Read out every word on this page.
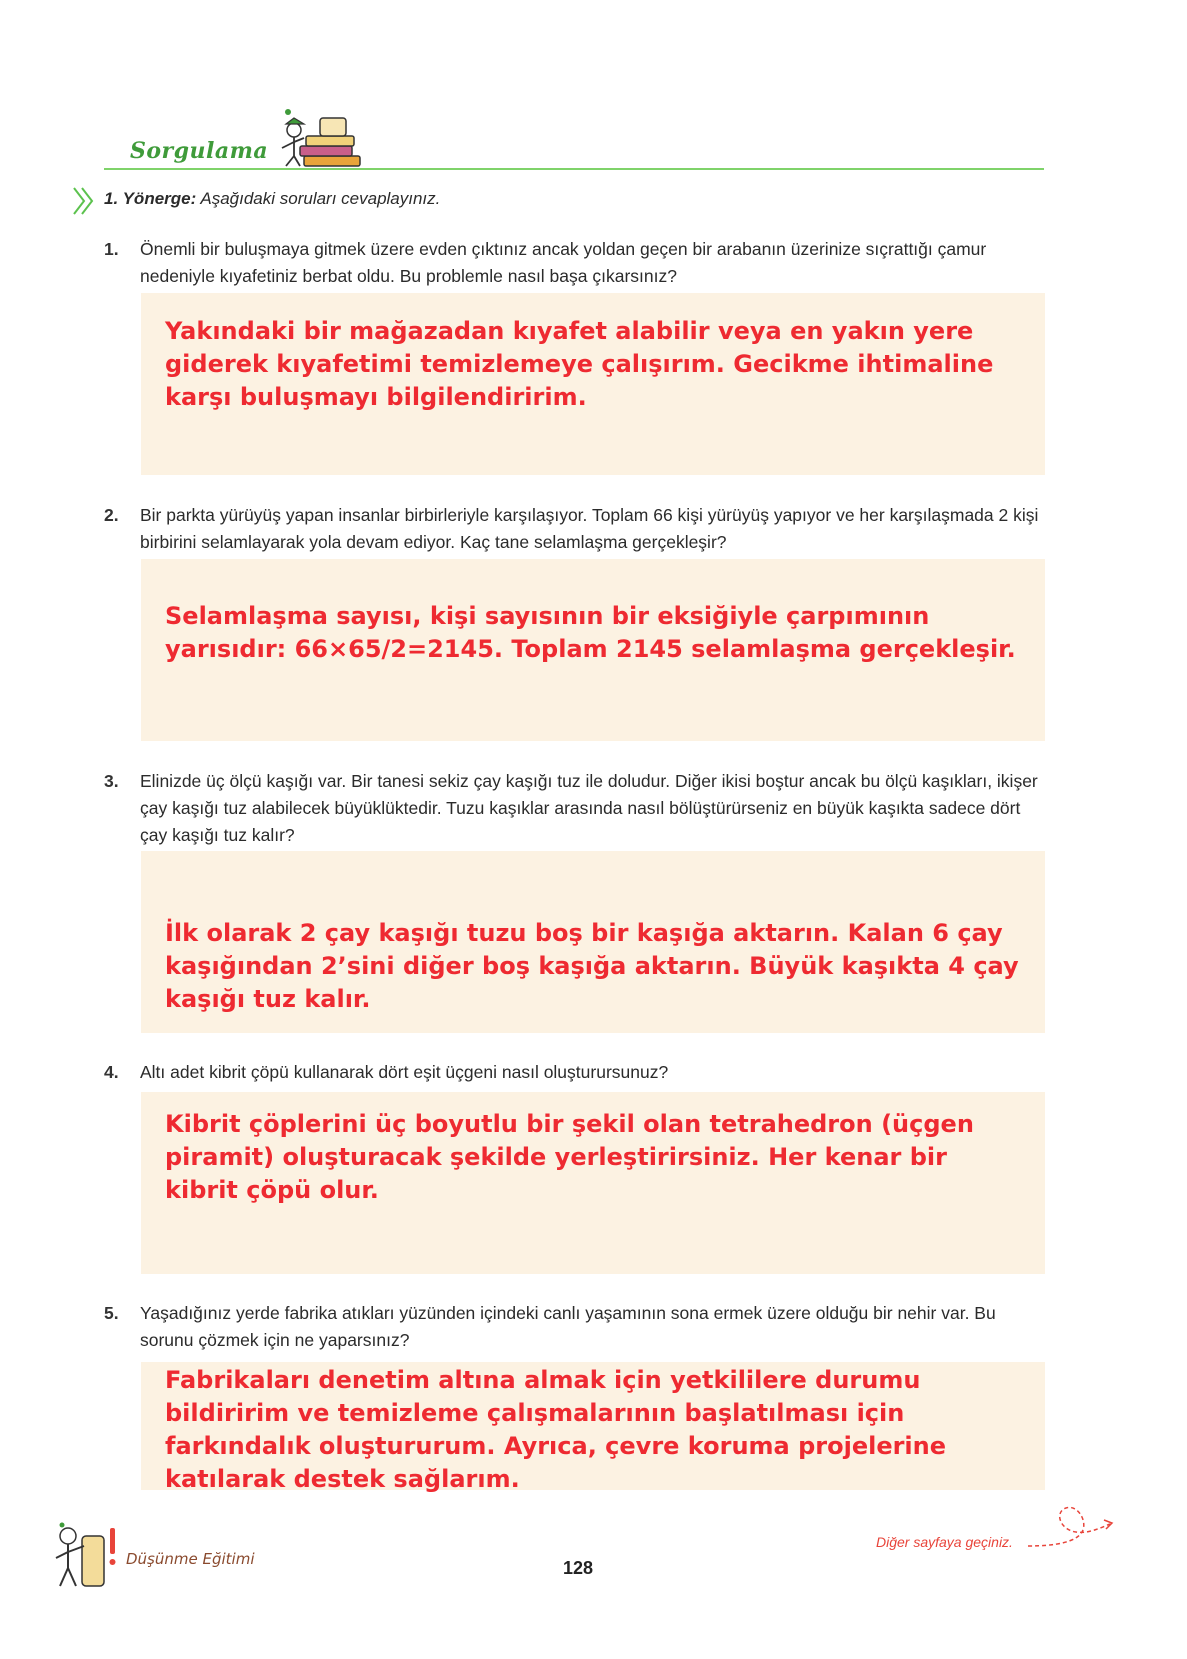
Sorgulama
1. Yönerge: Aşağıdaki soruları cevaplayınız.
1. Önemli bir buluşmaya gitmek üzere evden çıktınız ancak yoldan geçen bir arabanın üzerinize sıçrattığı çamur nedeniyle kıyafetiniz berbat oldu. Bu problemle nasıl başa çıkarsınız?
Yakındaki bir mağazadan kıyafet alabilir veya en yakın yere giderek kıyafetimi temizlemeye çalışırım. Gecikme ihtimaline karşı buluşmayı bilgilendiririm.
2. Bir parkta yürüyüş yapan insanlar birbirleriyle karşılaşıyor. Toplam 66 kişi yürüyüş yapıyor ve her karşılaşmada 2 kişi birbirini selamlayarak yola devam ediyor. Kaç tane selamlaşma gerçekleşir?
Selamlaşma sayısı, kişi sayısının bir eksiğiyle çarpımının yarısıdır: 66×65/2=2145. Toplam 2145 selamlaşma gerçekleşir.
3. Elinizde üç ölçü kaşığı var. Bir tanesi sekiz çay kaşığı tuz ile doludur. Diğer ikisi boştur ancak bu ölçü kaşıkları, ikişer çay kaşığı tuz alabilecek büyüklüktedir. Tuzu kaşıklar arasında nasıl bölüştürürseniz en büyük kaşıkta sadece dört çay kaşığı tuz kalır?
İlk olarak 2 çay kaşığı tuzu boş bir kaşığa aktarın. Kalan 6 çay kaşığından 2’sini diğer boş kaşığa aktarın. Büyük kaşıkta 4 çay kaşığı tuz kalır.
4. Altı adet kibrit çöpü kullanarak dört eşit üçgeni nasıl oluşturursunuz?
Kibrit çöplerini üç boyutlu bir şekil olan tetrahedron (üçgen piramit) oluşturacak şekilde yerleştirirsiniz. Her kenar bir kibrit çöpü olur.
5. Yaşadığınız yerde fabrika atıkları yüzünden içindeki canlı yaşamının sona ermek üzere olduğu bir nehir var. Bu sorunu çözmek için ne yaparsınız?
Fabrikaları denetim altına almak için yetkililere durumu bildiririm ve temizleme çalışmalarının başlatılması için farkındalık oluştururum. Ayrıca, çevre koruma projelerine katılarak destek sağlarım.
Düşünme Eğitimi	128
Diğer sayfaya geçiniz.
